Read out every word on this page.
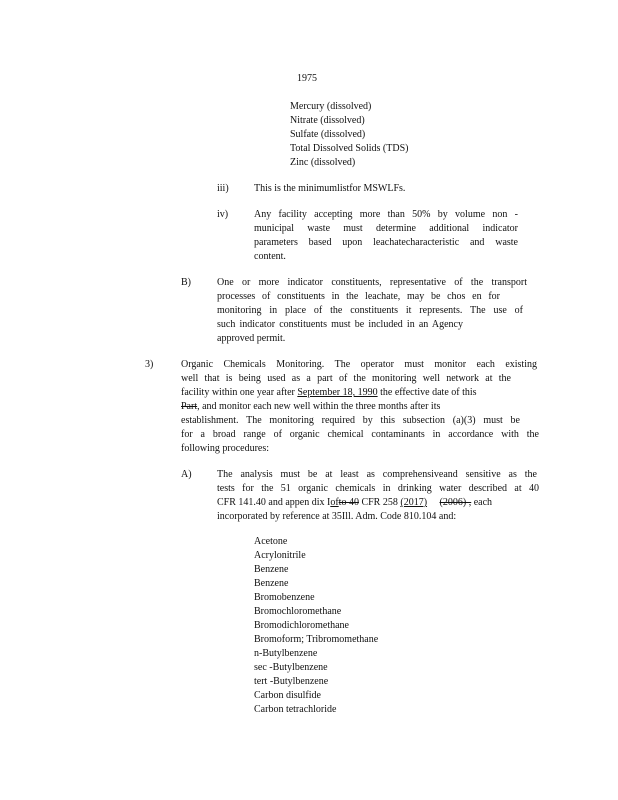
1975
Mercury (dissolved)
Nitrate (dissolved)
Sulfate (dissolved)
Total Dissolved Solids (TDS)
Zinc (dissolved)
iii)	This is the minimumlistfor MSWLFs.
iv)	Any facility accepting more than 50% by volume non -
municipal waste must determine additional indicator
parameters based upon leachatecharacteristic and waste
content.
B)	One or more indicator constituents, representative of the transport
processes of constituents in the leachate, may be chos en for
monitoring in place of the constituents it represents. The use of
such indicator constituents must be included in an Agency
approved permit.
3)	Organic Chemicals Monitoring. The operator must monitor each existing
well that is being used as a part of the monitoring well network at the
facility within one year after September 18, 1990 the effective date of this
Part, and monitor each new well within the three months after its
establishment. The monitoring required by this subsection (a)(3) must be
for a broad range of organic chemical contaminants in accordance with the
following procedures:
A)	The analysis must be at least as comprehensiveand sensitive as the
tests for the 51 organic chemicals in drinking water described at 40
CFR 141.40 and appen dix Iofto 40 CFR 258 (2017) (2006) , each
incorporated by reference at 35Ill. Adm. Code 810.104 and:
Acetone
Acrylonitrile
Benzene
Benzene
Bromobenzene
Bromochloromethane
Bromodichloromethane
Bromoform; Tribromomethane
n-Butylbenzene
sec -Butylbenzene
tert -Butylbenzene
Carbon disulfide
Carbon tetrachloride
